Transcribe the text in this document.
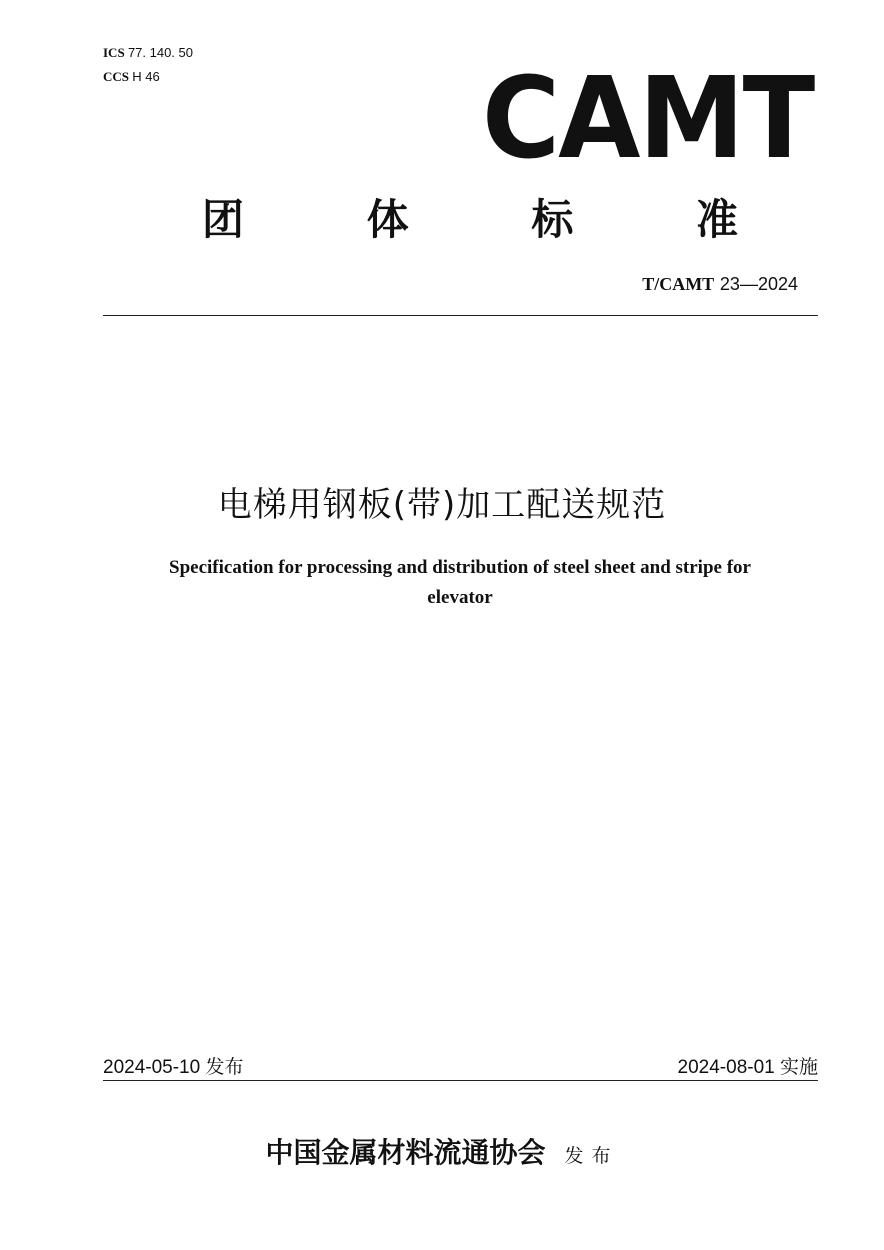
ICS 77. 140. 50
CCS H 46	CAMT
团	体	标	准
T/CAMT 23—2024
电梯用钢板(带)加工配送规范
Specification for processing and distribution of steel sheet and stripe for elevator
2024-05-10 发布	2024-08-01 实施
中国金属材料流通协会 发布
